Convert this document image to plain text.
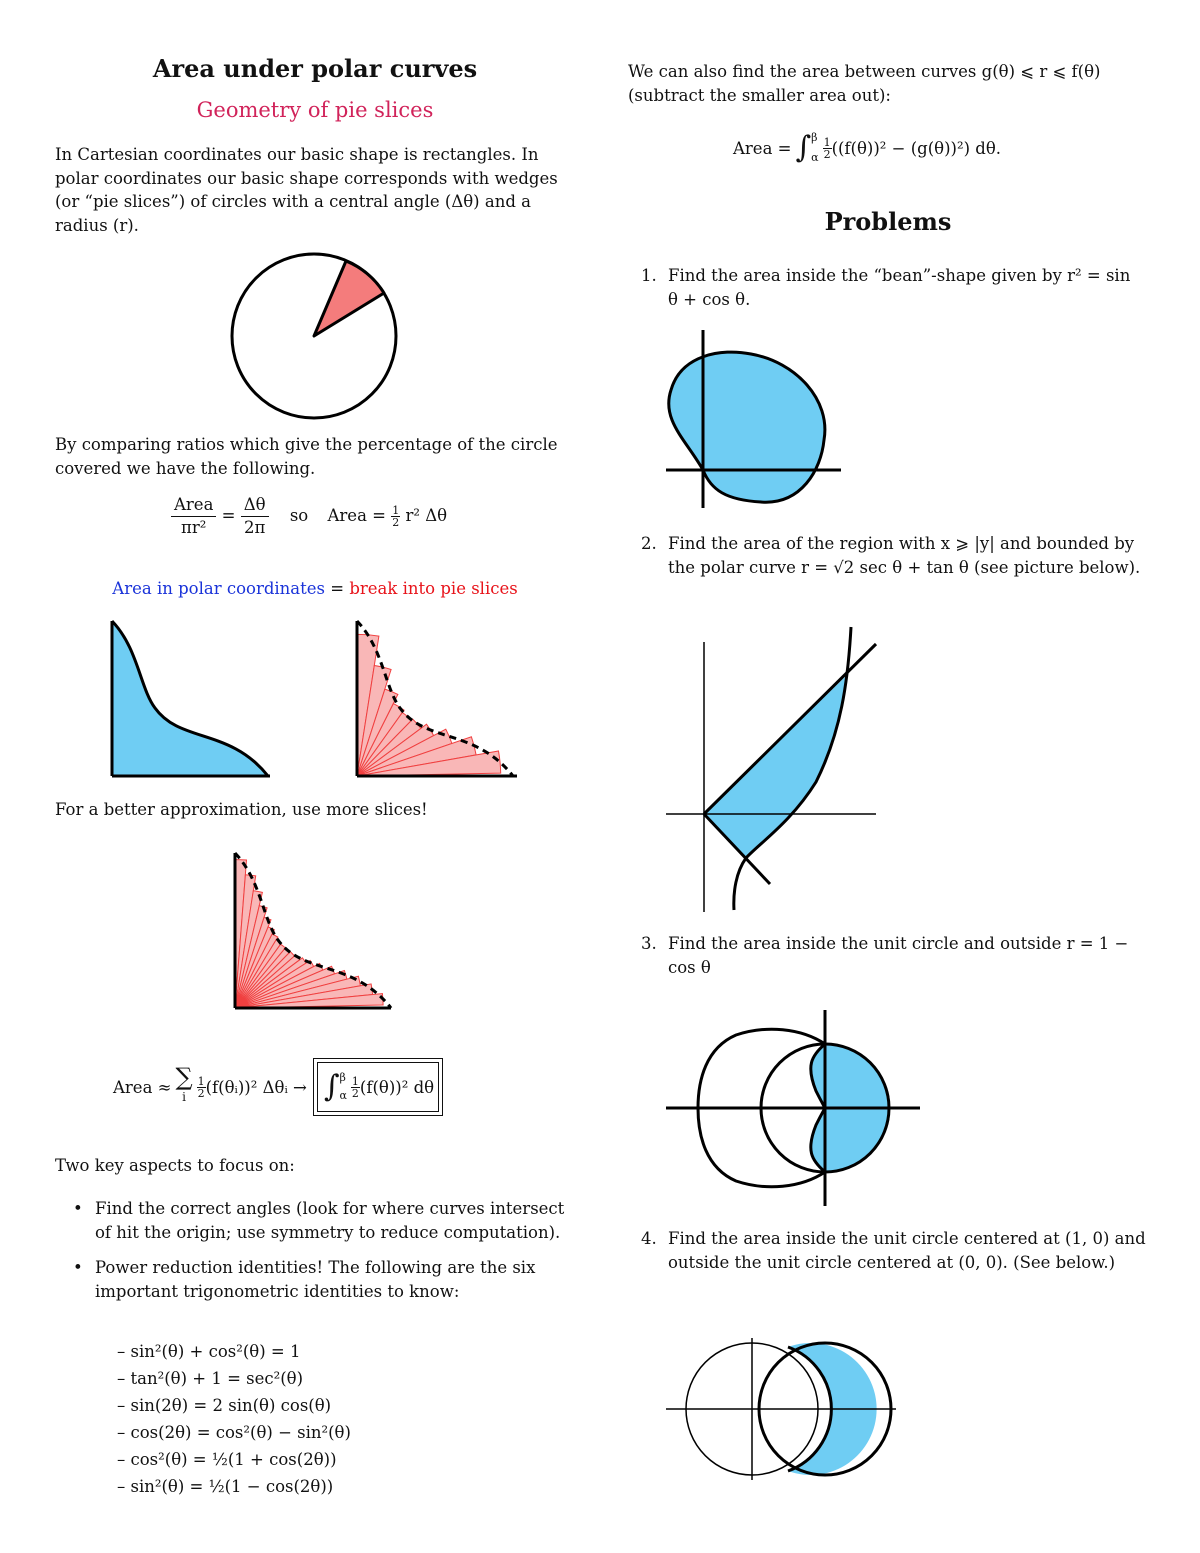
Area under polar curves
Geometry of pie slices

In Cartesian coordinates our basic shape is rectangles. In polar coordinates our basic shape corresponds with wedges (or “pie slices”) of circles with a central angle (Δθ) and a radius (r).

By comparing ratios which give the percentage of the circle covered we have the following.

$\frac{\text{Area}}{\text{πr²}} = \frac{\Delta\theta}{2\pi}$ so Area = $\frac{1}{2} r^2$ Δθ
Area in polar coordinates = break into pie slices

For a better approximation, use more slices!

Area ≈ ∑
i $\frac{1}{2}$ (f(θᵢ))² Δθᵢ → ∫ β
α $\frac{1}{2} (f(\theta))^2$ dθ

Two key aspects to focus on:

• Find the correct angles (look for where curves intersect of hit the origin; use symmetry to reduce computation).
• Power reduction identities! The following are the six important trigonometric identities to know:
– sin²(θ) + cos²(θ) = 1
– tan²(θ) + 1 = sec²(θ)
– sin(2θ) = 2 sin(θ) cos(θ)
– cos(2θ) = cos²(θ) − sin²(θ)
– cos²(θ) = ½(1 + cos(2θ))
– sin²(θ) = ½(1 − cos(2θ))

We can also find the area between curves g(θ) ⩽ r ⩽ f(θ) (subtract the smaller area out):

Area = ∫ β
α $\frac{1}{2} ((f(\theta))^2 - (g(\theta))^2)$ dθ.
Problems
1. Find the area inside the “bean”-shape given by r² = sin θ + cos θ.
2. Find the area of the region with x ⩾ |y| and bounded by the polar curve r = √2 sec θ + tan θ (see picture below).
3. Find the area inside the unit circle and outside r = 1 − cos θ
4. Find the area inside the unit circle centered at (1, 0) and outside the unit circle centered at (0, 0). (See below.)
